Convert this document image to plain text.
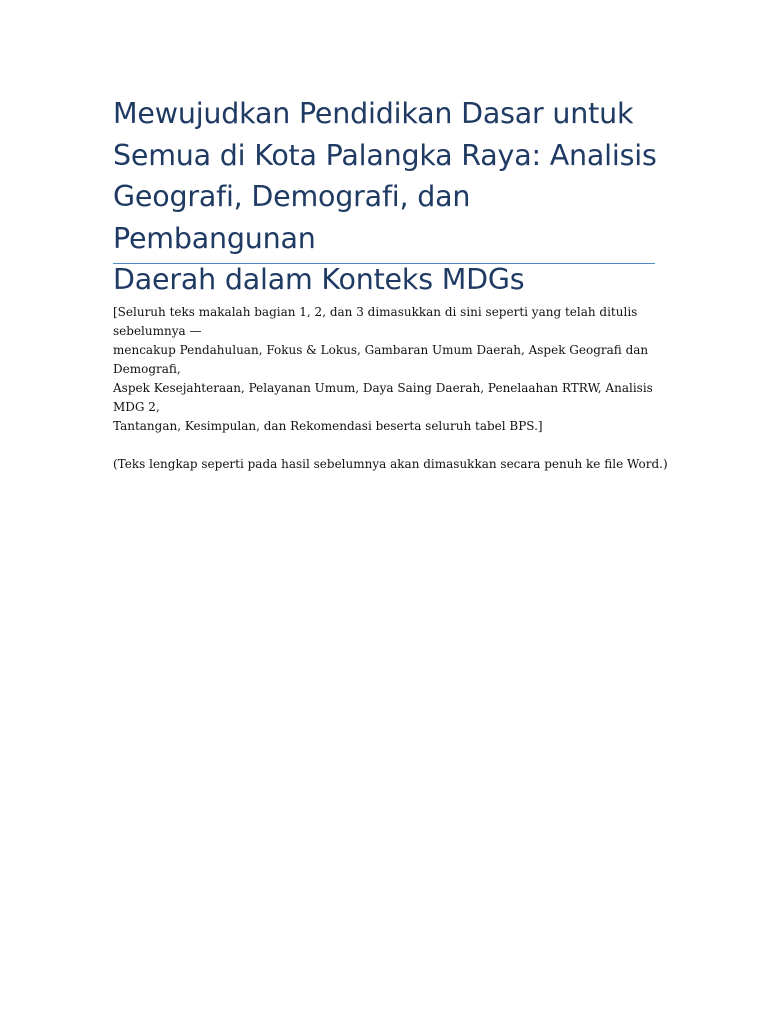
Mewujudkan Pendidikan Dasar untuk
Semua di Kota Palangka Raya: Analisis
Geografi, Demografi, dan Pembangunan
Daerah dalam Konteks MDGs
[Seluruh teks makalah bagian 1, 2, dan 3 dimasukkan di sini seperti yang telah ditulis
sebelumnya —
mencakup Pendahuluan, Fokus & Lokus, Gambaran Umum Daerah, Aspek Geografi dan
Demografi,
Aspek Kesejahteraan, Pelayanan Umum, Daya Saing Daerah, Penelaahan RTRW, Analisis
MDG 2,
Tantangan, Kesimpulan, dan Rekomendasi beserta seluruh tabel BPS.]
(Teks lengkap seperti pada hasil sebelumnya akan dimasukkan secara penuh ke file Word.)
